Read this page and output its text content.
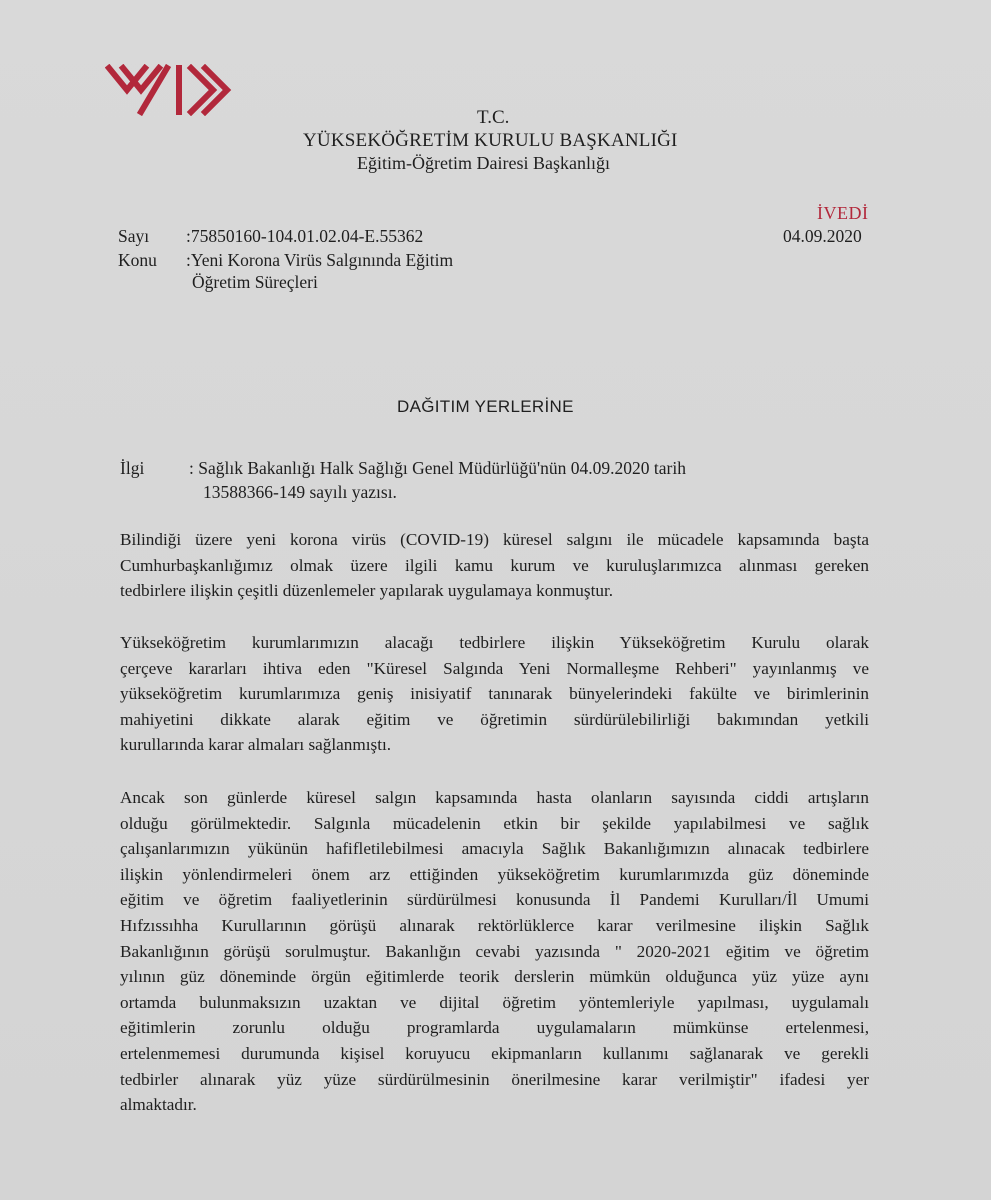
T.C.
YÜKSEKÖĞRETİM KURULU BAŞKANLIĞI
Eğitim-Öğretim Dairesi Başkanlığı
İVEDİ
04.09.2020
Sayı :75850160-104.01.02.04-E.55362
Konu :Yeni Korona Virüs Salgınında Eğitim
Öğretim Süreçleri
DAĞITIM YERLERİNE
İlgi	: Sağlık Bakanlığı Halk Sağlığı Genel Müdürlüğü'nün 04.09.2020 tarih
13588366-149 sayılı yazısı.
Bilindiği üzere yeni korona virüs (COVID-19) küresel salgını ile mücadele kapsamında başta
Cumhurbaşkanlığımız olmak üzere ilgili kamu kurum ve kuruluşlarımızca alınması gereken
tedbirlere ilişkin çeşitli düzenlemeler yapılarak uygulamaya konmuştur.
Yükseköğretim kurumlarımızın alacağı tedbirlere ilişkin Yükseköğretim Kurulu olarak
çerçeve kararları ihtiva eden "Küresel Salgında Yeni Normalleşme Rehberi" yayınlanmış ve
yükseköğretim kurumlarımıza geniş inisiyatif tanınarak bünyelerindeki fakülte ve birimlerinin
mahiyetini dikkate alarak eğitim ve öğretimin sürdürülebilirliği bakımından yetkili
kurullarında karar almaları sağlanmıştı.
Ancak son günlerde küresel salgın kapsamında hasta olanların sayısında ciddi artışların
olduğu görülmektedir. Salgınla mücadelenin etkin bir şekilde yapılabilmesi ve sağlık
çalışanlarımızın yükünün hafifletilebilmesi amacıyla Sağlık Bakanlığımızın alınacak tedbirlere
ilişkin yönlendirmeleri önem arz ettiğinden yükseköğretim kurumlarımızda güz döneminde
eğitim ve öğretim faaliyetlerinin sürdürülmesi konusunda İl Pandemi Kurulları/İl Umumi
Hıfzıssıhha Kurullarının görüşü alınarak rektörlüklerce karar verilmesine ilişkin Sağlık
Bakanlığının görüşü sorulmuştur. Bakanlığın cevabi yazısında " 2020-2021 eğitim ve öğretim
yılının güz döneminde örgün eğitimlerde teorik derslerin mümkün olduğunca yüz yüze aynı
ortamda bulunmaksızın uzaktan ve dijital öğretim yöntemleriyle yapılması, uygulamalı
eğitimlerin zorunlu olduğu programlarda uygulamaların mümkünse ertelenmesi,
ertelenmemesi durumunda kişisel koruyucu ekipmanların kullanımı sağlanarak ve gerekli
tedbirler alınarak yüz yüze sürdürülmesinin önerilmesine karar verilmiştir" ifadesi yer
almaktadır.
